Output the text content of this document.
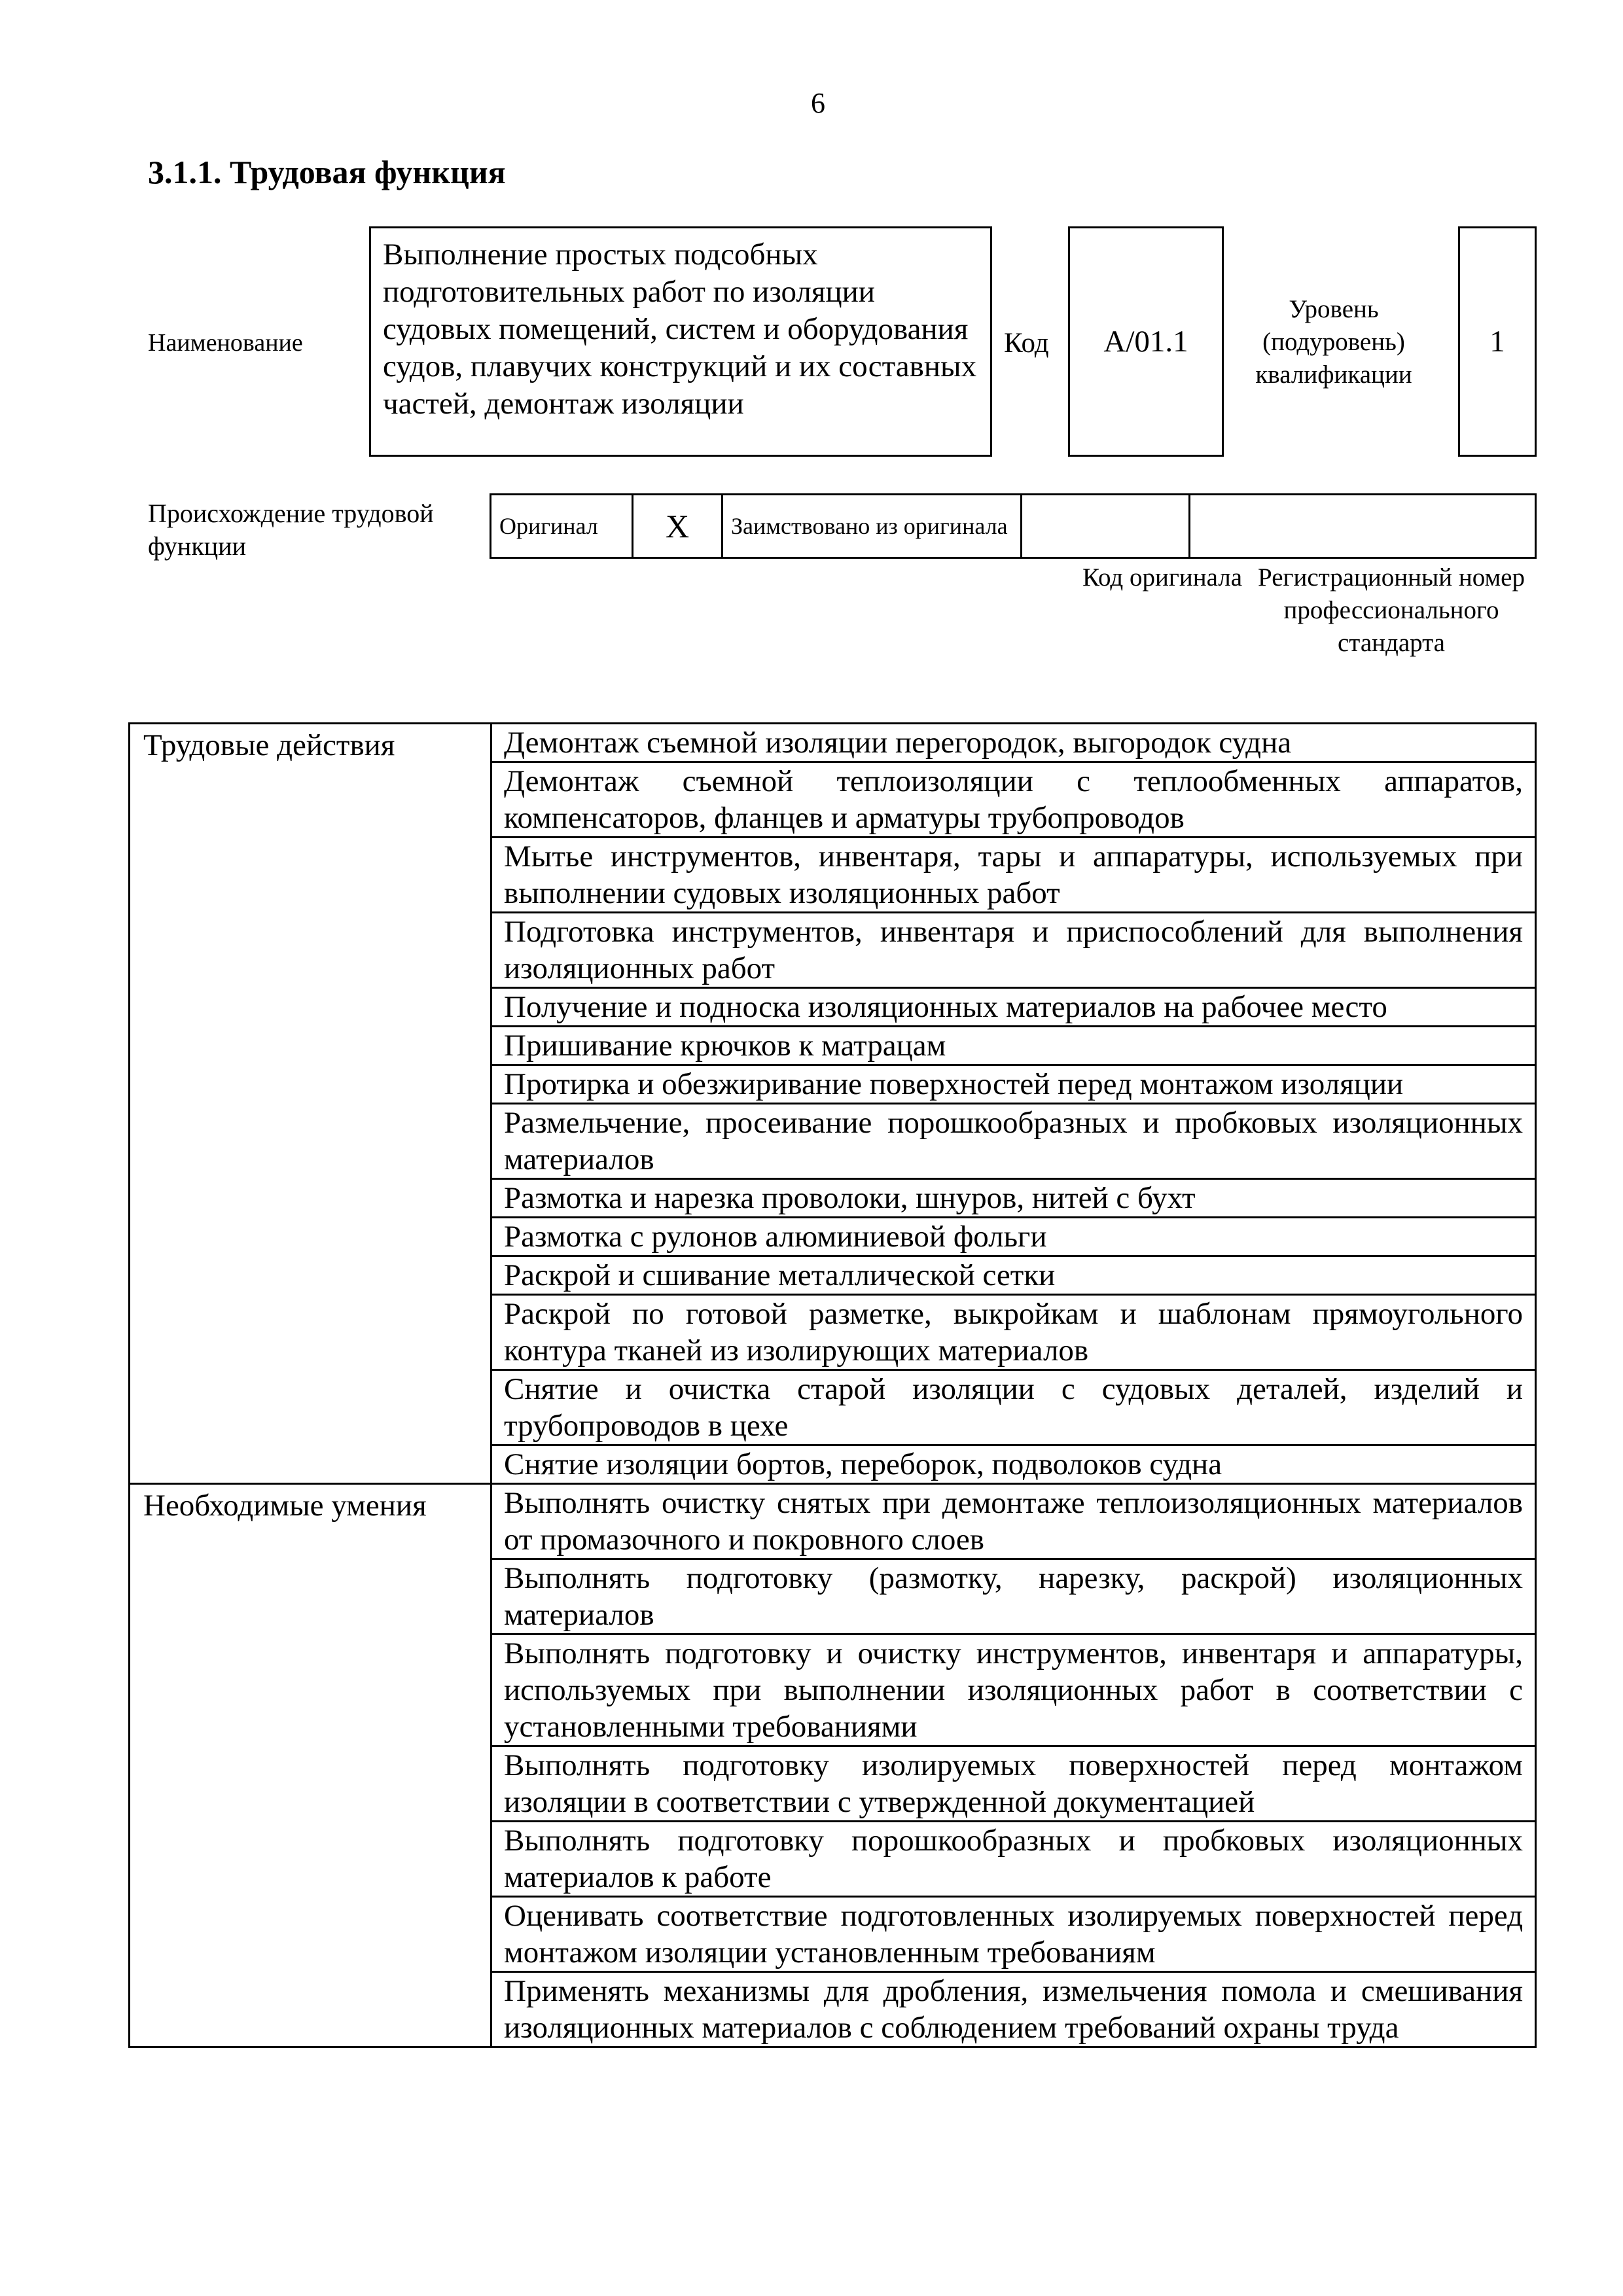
6
3.1.1. Трудовая функция
Наименование
Выполнение простых подсобных подготовительных работ по изоляции судовых помещений, систем и оборудования судов, плавучих конструкций и их составных частей, демонтаж изоляции
Код	A/01.1
Уровень (подуровень) квалификации
1
Происхождение трудовой функции
Оригинал	X	Заимствовано из оригинала		
Код оригинала Регистрационный номер профессионального стандарта
Трудовые действия	Демонтаж съемной изоляции перегородок, выгородок судна
	Демонтаж съемной теплоизоляции с теплообменных аппаратов, компенсаторов, фланцев и арматуры трубопроводов
	Мытье инструментов, инвентаря, тары и аппаратуры, используемых при выполнении судовых изоляционных работ
	Подготовка инструментов, инвентаря и приспособлений для выполнения изоляционных работ
	Получение и подноска изоляционных материалов на рабочее место
	Пришивание крючков к матрацам
	Протирка и обезжиривание поверхностей перед монтажом изоляции
	Размельчение, просеивание порошкообразных и пробковых изоляционных материалов
	Размотка и нарезка проволоки, шнуров, нитей с бухт
	Размотка с рулонов алюминиевой фольги
	Раскрой и сшивание металлической сетки
	Раскрой по готовой разметке, выкройкам и шаблонам прямоугольного контура тканей из изолирующих материалов
	Снятие и очистка старой изоляции с судовых деталей, изделий и трубопроводов в цехе
	Снятие изоляции бортов, переборок, подволоков судна
Необходимые умения	Выполнять очистку снятых при демонтаже теплоизоляционных материалов от промазочного и покровного слоев
	Выполнять подготовку (размотку, нарезку, раскрой) изоляционных материалов
	Выполнять подготовку и очистку инструментов, инвентаря и аппаратуры, используемых при выполнении изоляционных работ в соответствии с установленными требованиями
	Выполнять подготовку изолируемых поверхностей перед монтажом изоляции в соответствии с утвержденной документацией
	Выполнять подготовку порошкообразных и пробковых изоляционных материалов к работе
	Оценивать соответствие подготовленных изолируемых поверхностей перед монтажом изоляции установленным требованиям
	Применять механизмы для дробления, измельчения помола и смешивания изоляционных материалов с соблюдением требований охраны труда
